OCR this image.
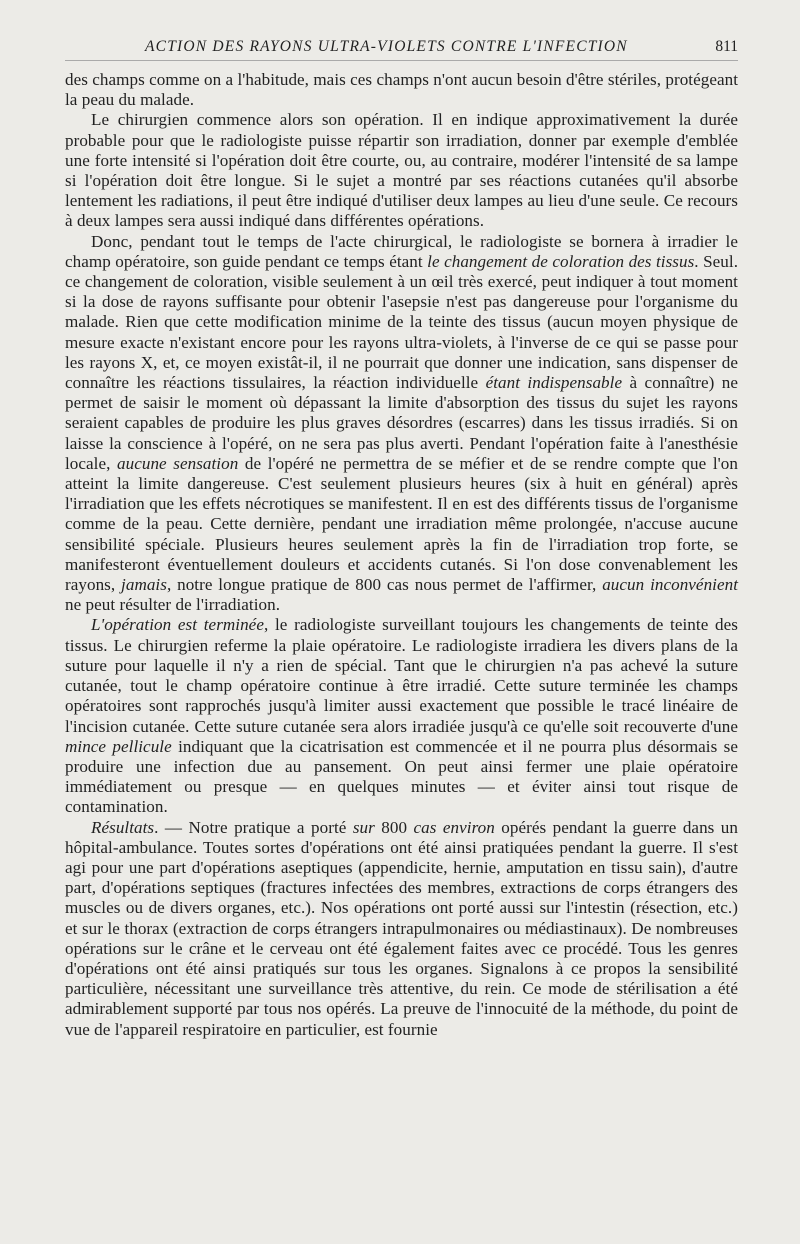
ACTION DES RAYONS ULTRA-VIOLETS CONTRE L'INFECTION	811

des champs comme on a l'habitude, mais ces champs n'ont aucun besoin d'être stériles, protégeant la peau du malade.

Le chirurgien commence alors son opération. Il en indique approximativement la durée probable pour que le radiologiste puisse répartir son irradiation, donner par exemple d'emblée une forte intensité si l'opération doit être courte, ou, au contraire, modérer l'intensité de sa lampe si l'opération doit être longue. Si le sujet a montré par ses réactions cutanées qu'il absorbe lentement les radiations, il peut être indiqué d'utiliser deux lampes au lieu d'une seule. Ce recours à deux lampes sera aussi indiqué dans différentes opérations.

Donc, pendant tout le temps de l'acte chirurgical, le radiologiste se bornera à irradier le champ opératoire, son guide pendant ce temps étant le changement de coloration des tissus. Seul. ce changement de coloration, visible seulement à un œil très exercé, peut indiquer à tout moment si la dose de rayons suffisante pour obtenir l'asepsie n'est pas dangereuse pour l'organisme du malade. Rien que cette modification minime de la teinte des tissus (aucun moyen physique de mesure exacte n'existant encore pour les rayons ultra-violets, à l'inverse de ce qui se passe pour les rayons X, et, ce moyen existât-il, il ne pourrait que donner une indication, sans dispenser de connaître les réactions tissulaires, la réaction individuelle étant indispensable à connaître) ne permet de saisir le moment où dépassant la limite d'absorption des tissus du sujet les rayons seraient capables de produire les plus graves désordres (escarres) dans les tissus irradiés. Si on laisse la conscience à l'opéré, on ne sera pas plus averti. Pendant l'opération faite à l'anesthésie locale, aucune sensation de l'opéré ne permettra de se méfier et de se rendre compte que l'on atteint la limite dangereuse. C'est seulement plusieurs heures (six à huit en général) après l'irradiation que les effets nécrotiques se manifestent. Il en est des différents tissus de l'organisme comme de la peau. Cette dernière, pendant une irradiation même prolongée, n'accuse aucune sensibilité spéciale. Plusieurs heures seulement après la fin de l'irradiation trop forte, se manifesteront éventuellement douleurs et accidents cutanés. Si l'on dose convenablement les rayons, jamais, notre longue pratique de 800 cas nous permet de l'affirmer, aucun inconvénient ne peut résulter de l'irradiation.

L'opération est terminée, le radiologiste surveillant toujours les changements de teinte des tissus. Le chirurgien referme la plaie opératoire. Le radiologiste irradiera les divers plans de la suture pour laquelle il n'y a rien de spécial. Tant que le chirurgien n'a pas achevé la suture cutanée, tout le champ opératoire continue à être irradié. Cette suture terminée les champs opératoires sont rapprochés jusqu'à limiter aussi exactement que possible le tracé linéaire de l'incision cutanée. Cette suture cutanée sera alors irradiée jusqu'à ce qu'elle soit recouverte d'une mince pellicule indiquant que la cicatrisation est commencée et il ne pourra plus désormais se produire une infection due au pansement. On peut ainsi fermer une plaie opératoire immédiatement ou presque — en quelques minutes — et éviter ainsi tout risque de contamination.

Résultats. — Notre pratique a porté sur 800 cas environ opérés pendant la guerre dans un hôpital-ambulance. Toutes sortes d'opérations ont été ainsi pratiquées pendant la guerre. Il s'est agi pour une part d'opérations aseptiques (appendicite, hernie, amputation en tissu sain), d'autre part, d'opérations septiques (fractures infectées des membres, extractions de corps étrangers des muscles ou de divers organes, etc.). Nos opérations ont porté aussi sur l'intestin (résection, etc.) et sur le thorax (extraction de corps étrangers intrapulmonaires ou médiastinaux). De nombreuses opérations sur le crâne et le cerveau ont été également faites avec ce procédé. Tous les genres d'opérations ont été ainsi pratiqués sur tous les organes. Signalons à ce propos la sensibilité particulière, nécessitant une surveillance très attentive, du rein. Ce mode de stérilisation a été admirablement supporté par tous nos opérés. La preuve de l'innocuité de la méthode, du point de vue de l'appareil respiratoire en particulier, est fournie
